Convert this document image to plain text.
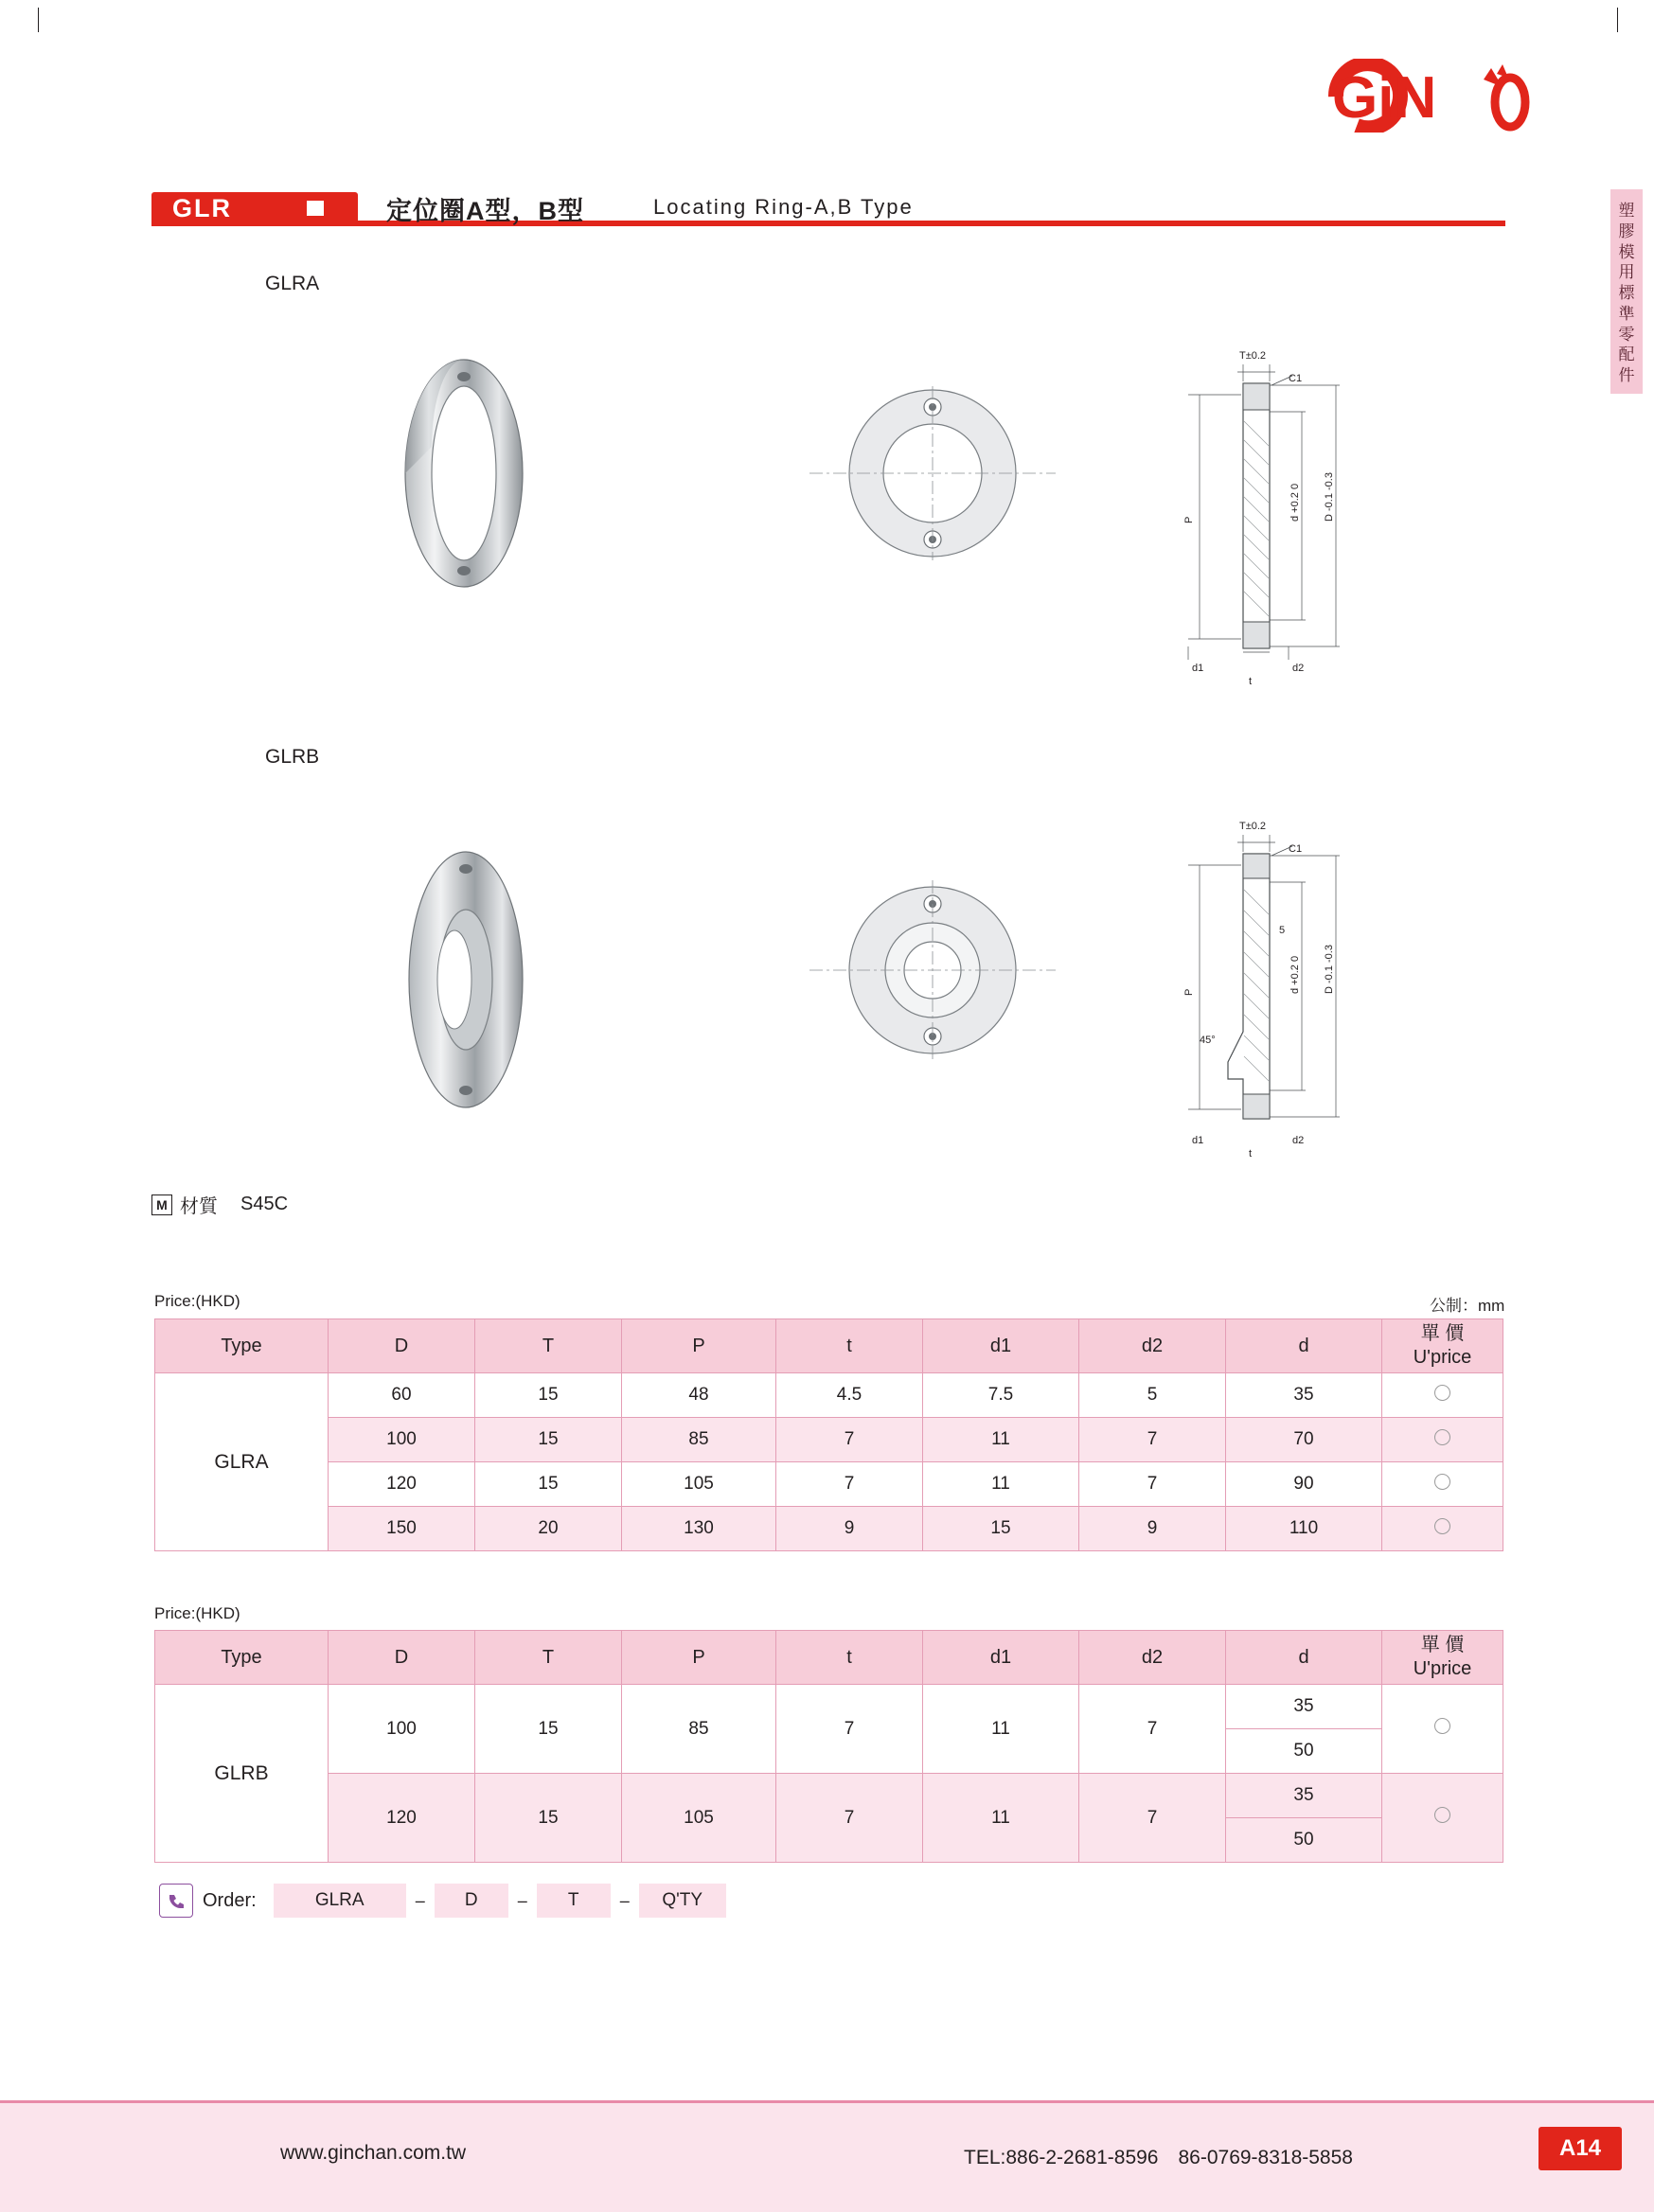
GiN
GLR	定位圈A型，B型	Locating Ring-A,B Type	塑
膠
模
用
標
準
零
配
件
GLRA
T±0.2
C1
P	d +0.2 0 D -0.1 -0.3
d1
t
d2
GLRB
T±0.2
C1
5
45°
P	d +0.2 0 D -0.1 -0.3
d1
t
d2
M 材質 S45C
Price:(HKD)	公制：mm
Type	D	T	P	t	d1	d2	d	單 價
U'price
GLRA	60	15	48	4.5	7.5	5	35	
	100	15	85	7	11	7	70	
	120	15	105	7	11	7	90	
	150	20	130	9	15	9	110	
Price:(HKD)
Type	D	T	P	t	d1	d2	d	單 價
U'price
GLRB	100	15	85	7	11	7	35	
							50	
	120	15	105	7	11	7	35	
							50	
Order:	GLRA	–	D	–	T	–	Q'TY
www.ginchan.com.tw	TEL:886-2-2681-8596　86-0769-8318-5858	A14
